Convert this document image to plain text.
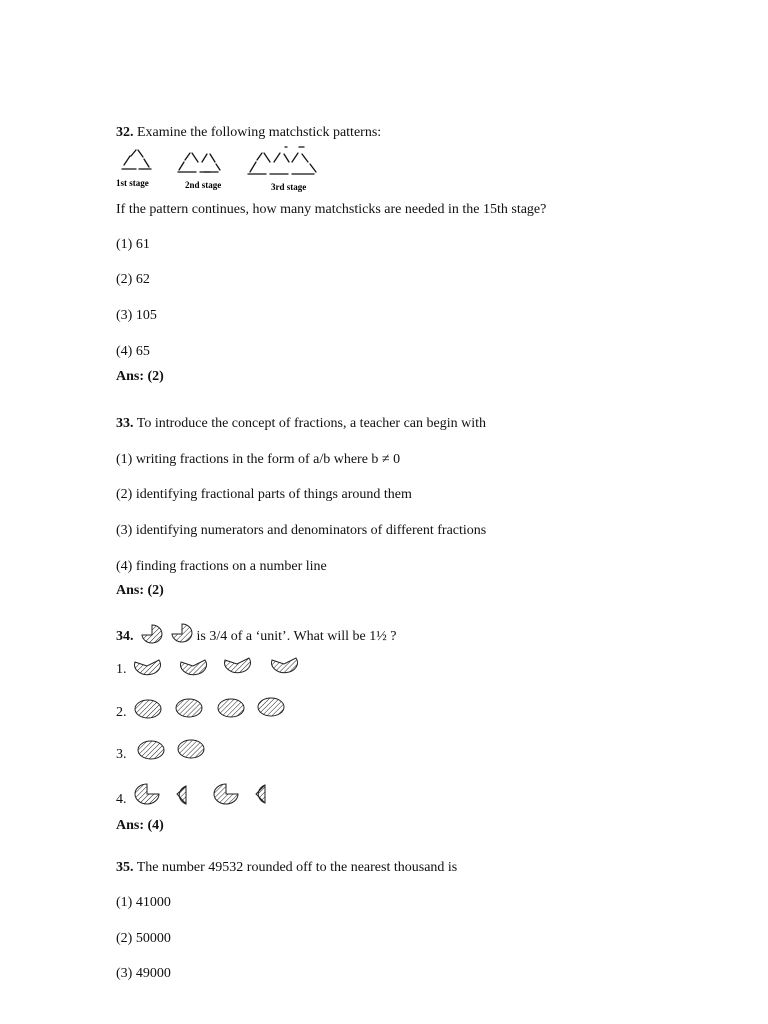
32. Examine the following matchstick patterns:
1st stage	2nd stage	3rd stage
If the pattern continues, how many matchsticks are needed in the 15th stage?
(1) 61
(2) 62
(3) 105
(4) 65
Ans: (2)
33. To introduce the concept of fractions, a teacher can begin with
(1) writing fractions in the form of a/b where b ≠ 0
(2) identifying fractional parts of things around them
(3) identifying numerators and denominators of different fractions
(4) finding fractions on a number line
Ans: (2)
34.	is 3/4 of a ‘unit’. What will be 1½ ?
1.
2.
3.
4.
Ans: (4)
35. The number 49532 rounded off to the nearest thousand is
(1) 41000
(2) 50000
(3) 49000
